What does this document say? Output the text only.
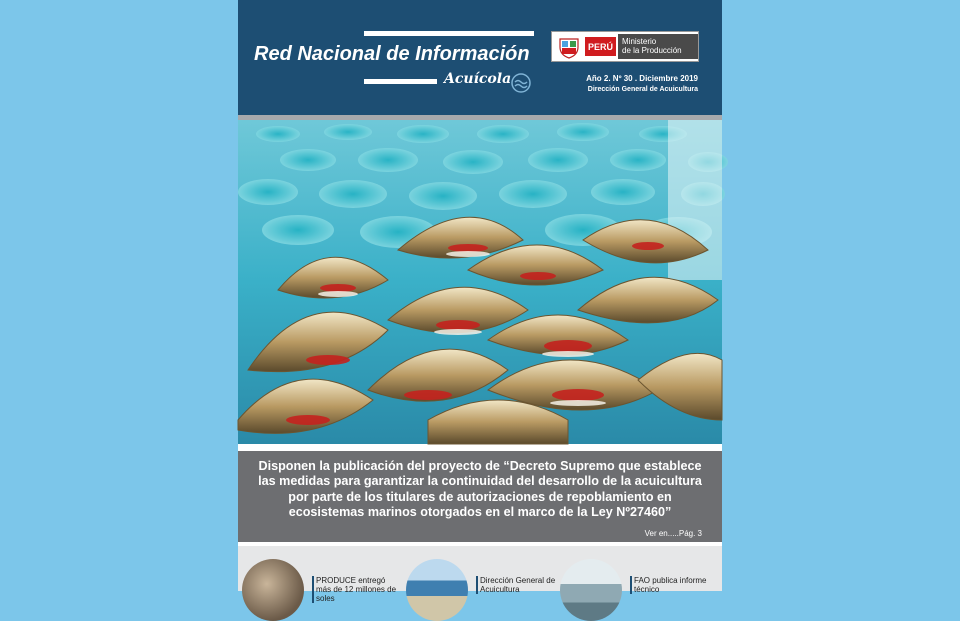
Red Nacional de Información
Acuícola
PERÚ	Ministerio
de la Producción
Año 2. Nº 30 . Diciembre 2019
Dirección General de Acuicultura
Disponen la publicación del proyecto de “Decreto Supremo que establece las medidas para garantizar la continuidad del desarrollo de la acuicultura por parte de los titulares de autorizaciones de repoblamiento en ecosistemas marinos otorgados en el marco de la Ley Nº27460”
Ver en.....Pág. 3
PRODUCE entregó más de 12 millones de soles
Dirección General de Acuicultura
FAO publica informe técnico
